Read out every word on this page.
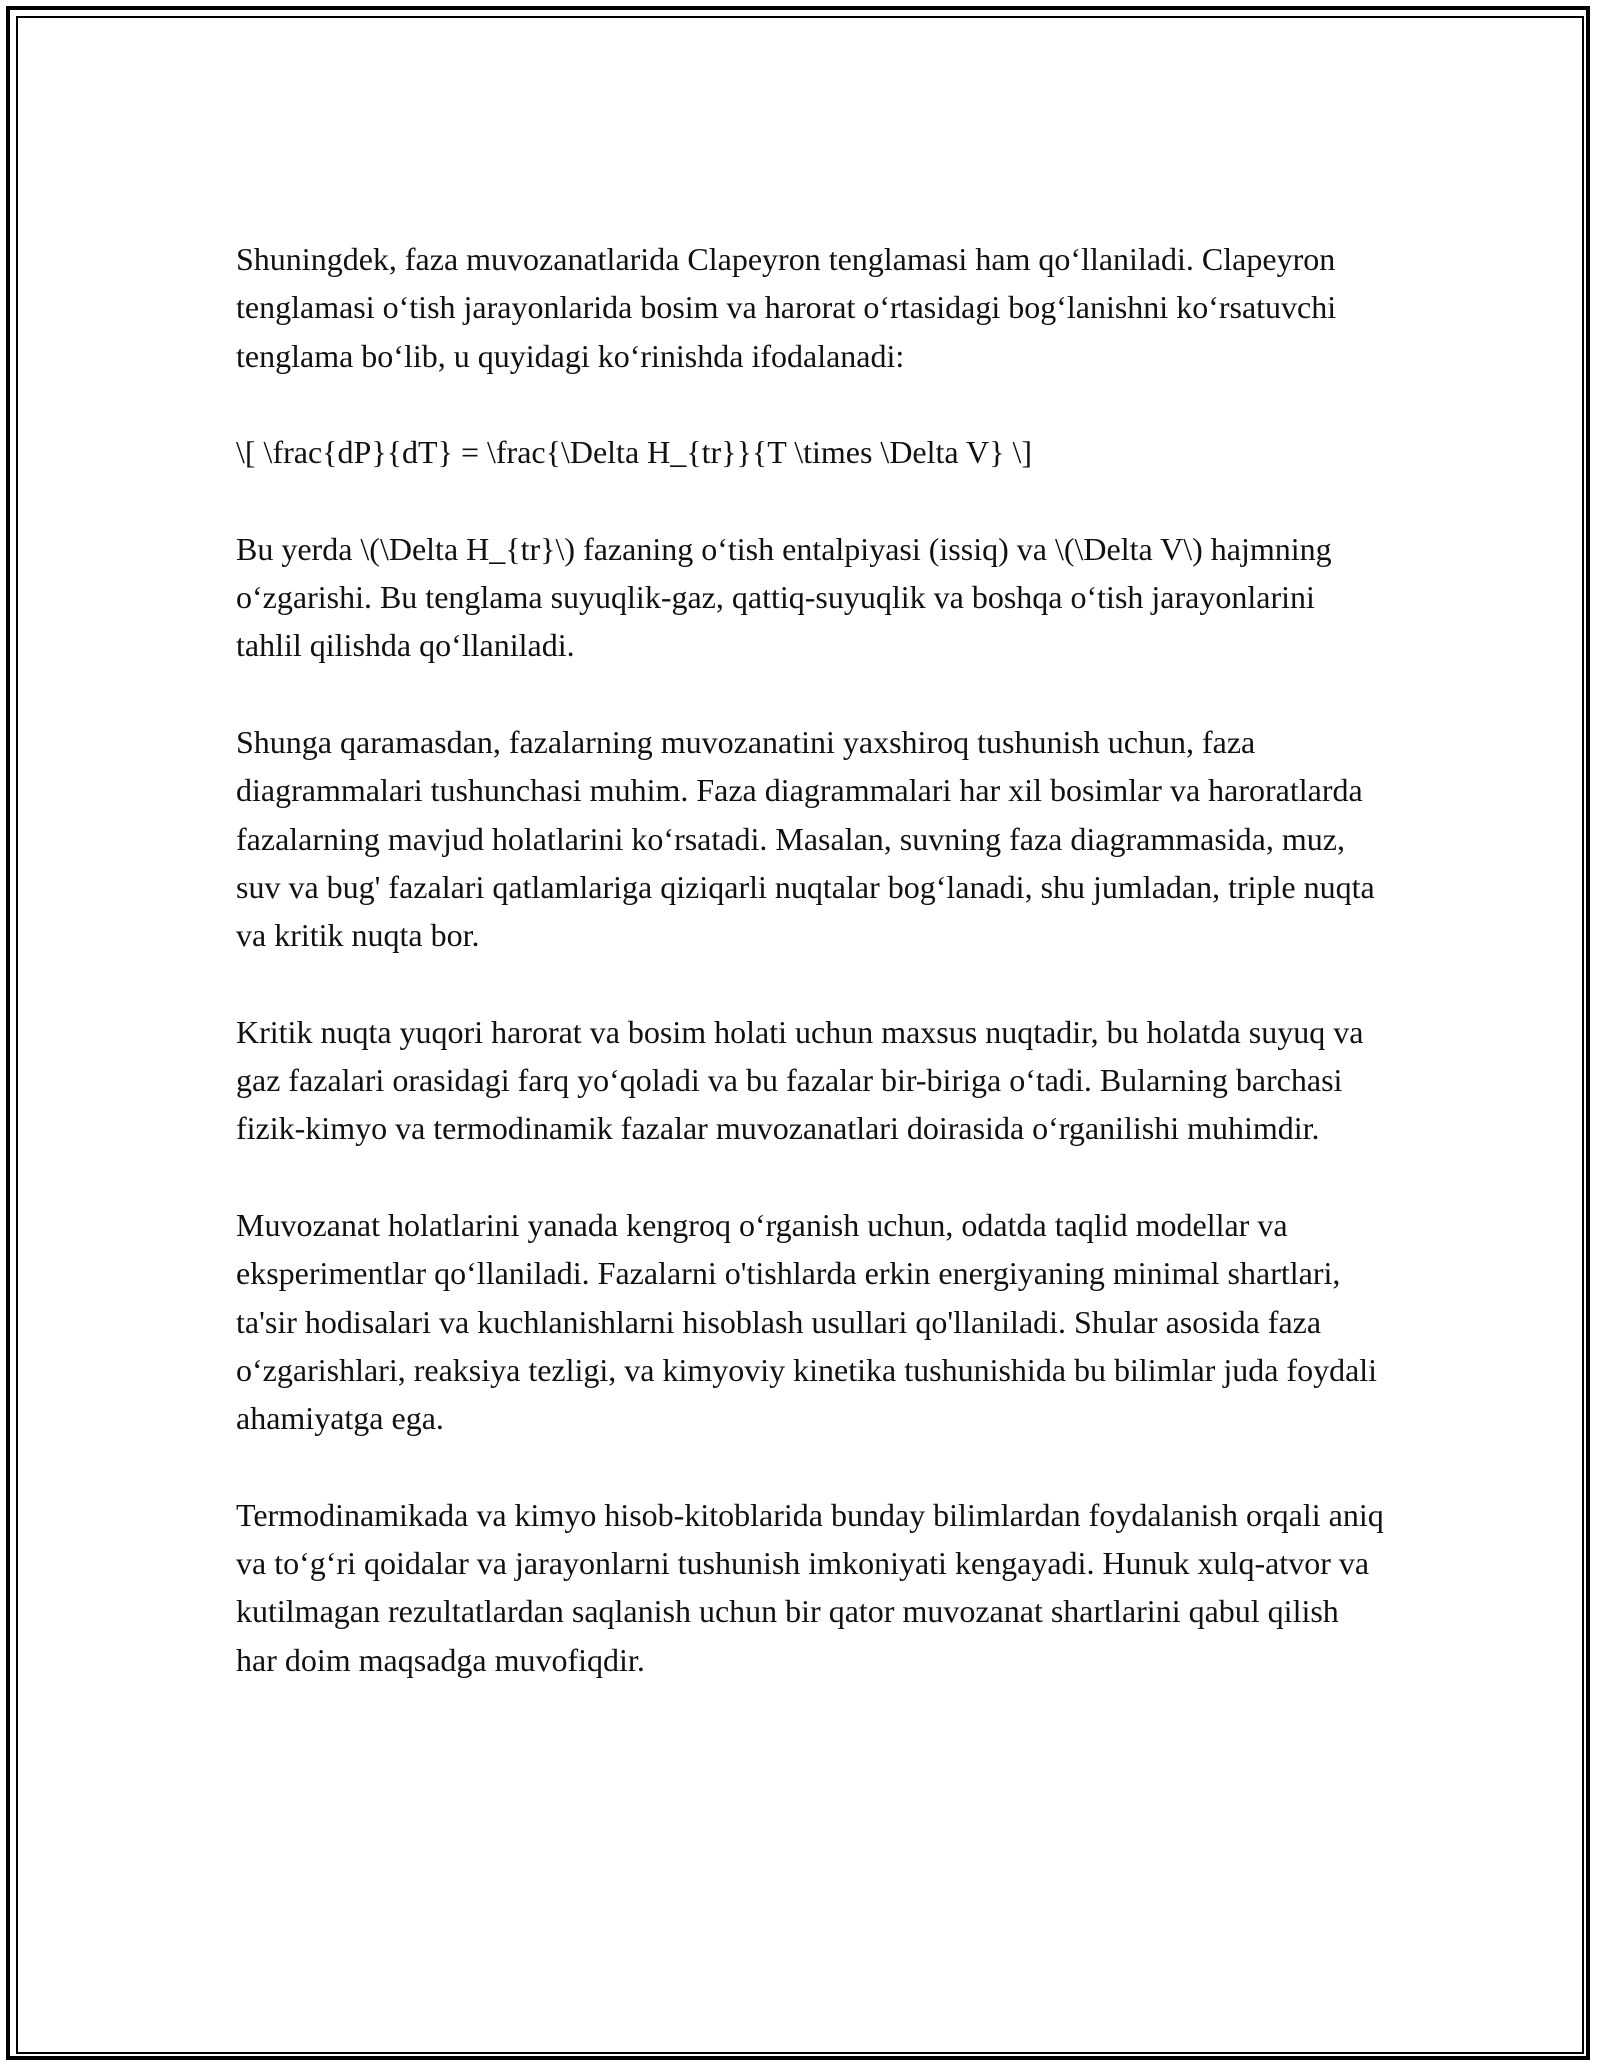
Shuningdek, faza muvozanatlarida Clapeyron tenglamasi ham qo‘llaniladi. Clapeyron tenglamasi o‘tish jarayonlarida bosim va harorat o‘rtasidagi bog‘lanishni ko‘rsatuvchi tenglama bo‘lib, u quyidagi ko‘rinishda ifodalanadi:

\[ \frac{dP}{dT} = \frac{\Delta H_{tr}}{T \times \Delta V} \]

Bu yerda \(\Delta H_{tr}\) fazaning o‘tish entalpiyasi (issiq) va \(\Delta V\) hajmning o‘zgarishi. Bu tenglama suyuqlik-gaz, qattiq-suyuqlik va boshqa o‘tish jarayonlarini tahlil qilishda qo‘llaniladi.

Shunga qaramasdan, fazalarning muvozanatini yaxshiroq tushunish uchun, faza diagrammalari tushunchasi muhim. Faza diagrammalari har xil bosimlar va haroratlarda fazalarning mavjud holatlarini ko‘rsatadi. Masalan, suvning faza diagrammasida, muz, suv va bug' fazalari qatlamlariga qiziqarli nuqtalar bog‘lanadi, shu jumladan, triple nuqta va kritik nuqta bor.

Kritik nuqta yuqori harorat va bosim holati uchun maxsus nuqtadir, bu holatda suyuq va gaz fazalari orasidagi farq yo‘qoladi va bu fazalar bir-biriga o‘tadi. Bularning barchasi fizik-kimyo va termodinamik fazalar muvozanatlari doirasida o‘rganilishi muhimdir.

Muvozanat holatlarini yanada kengroq o‘rganish uchun, odatda taqlid modellar va eksperimentlar qo‘llaniladi. Fazalarni o'tishlarda erkin energiyaning minimal shartlari, ta'sir hodisalari va kuchlanishlarni hisoblash usullari qo'llaniladi. Shular asosida faza o‘zgarishlari, reaksiya tezligi, va kimyoviy kinetika tushunishida bu bilimlar juda foydali ahamiyatga ega.

Termodinamikada va kimyo hisob-kitoblarida bunday bilimlardan foydalanish orqali aniq va to‘g‘ri qoidalar va jarayonlarni tushunish imkoniyati kengayadi. Hunuk xulq-atvor va kutilmagan rezultatlardan saqlanish uchun bir qator muvozanat shartlarini qabul qilish har doim maqsadga muvofiqdir.
